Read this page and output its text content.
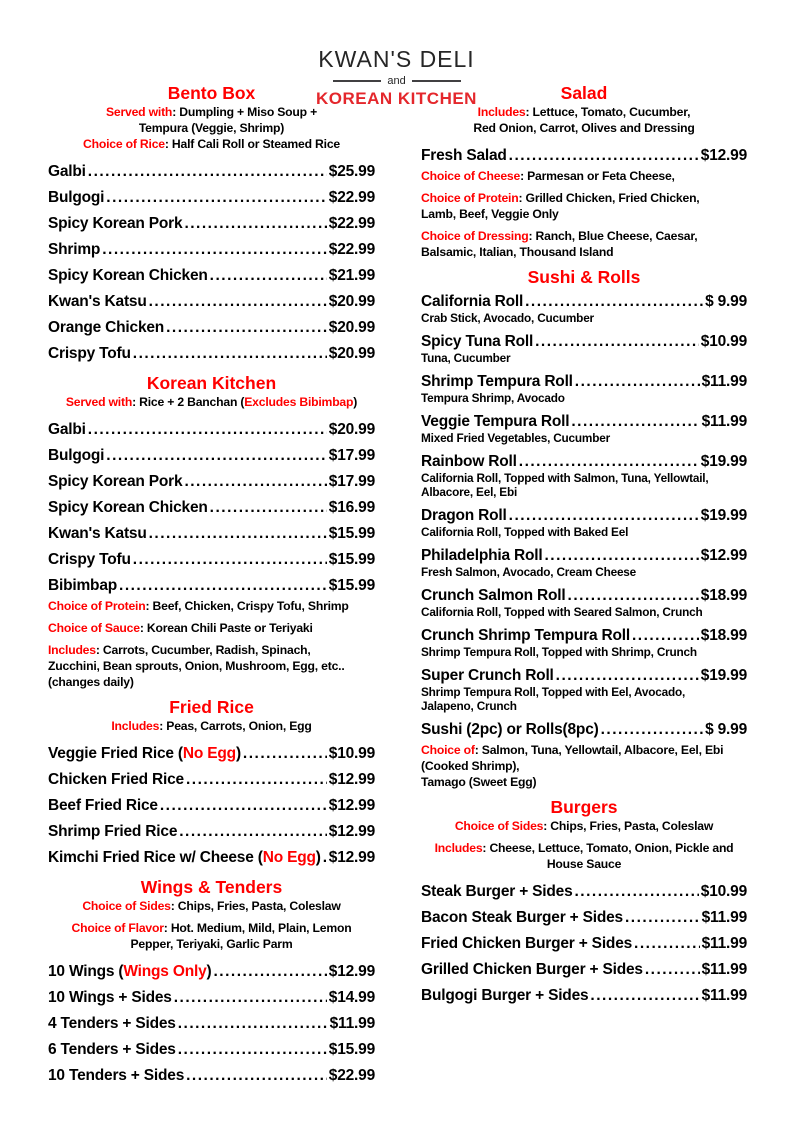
KWAN'S DELI
and
KOREAN KITCHEN
Bento Box
Served with: Dumpling + Miso Soup +
Tempura (Veggie, Shrimp)
Choice of Rice: Half Cali Roll or Steamed Rice
Galbi .....	$25.99
Bulgogi .....	$22.99
Spicy Korean Pork .....	$22.99
Shrimp .....	$22.99
Spicy Korean Chicken .....	$21.99
Kwan's Katsu .....	$20.99
Orange Chicken .....	$20.99
Crispy Tofu .....	$20.99
Korean Kitchen
Served with: Rice + 2 Banchan (Excludes Bibimbap)
Galbi .....	$20.99
Bulgogi .....	$17.99
Spicy Korean Pork .....	$17.99
Spicy Korean Chicken .....	$16.99
Kwan's Katsu .....	$15.99
Crispy Tofu .....	$15.99
Bibimbap .....	$15.99
Choice of Protein: Beef, Chicken, Crispy Tofu, Shrimp
Choice of Sauce: Korean Chili Paste or Teriyaki
Includes: Carrots, Cucumber, Radish, Spinach,
Zucchini, Bean sprouts, Onion, Mushroom, Egg, etc..
(changes daily)
Fried Rice
Includes: Peas, Carrots, Onion, Egg
Veggie Fried Rice (No Egg) .....	$10.99
Chicken Fried Rice .....	$12.99
Beef Fried Rice .....	$12.99
Shrimp Fried Rice .....	$12.99
Kimchi Fried Rice w/ Cheese (No Egg) ..... $12.99
Wings & Tenders
Choice of Sides: Chips, Fries, Pasta, Coleslaw
Choice of Flavor: Hot. Medium, Mild, Plain, Lemon
Pepper, Teriyaki, Garlic Parm
10 Wings (Wings Only) .....	$12.99
10 Wings + Sides .....	$14.99
4 Tenders + Sides .....	$11.99
6 Tenders + Sides .....	$15.99
10 Tenders + Sides .....	$22.99
Salad
Includes: Lettuce, Tomato, Cucumber,
Red Onion, Carrot, Olives and Dressing
Fresh Salad .....	$12.99
Choice of Cheese: Parmesan or Feta Cheese,
Choice of Protein: Grilled Chicken, Fried Chicken,
Lamb, Beef, Veggie Only
Choice of Dressing: Ranch, Blue Cheese, Caesar,
Balsamic, Italian, Thousand Island
Sushi & Rolls
California Roll .....	$ 9.99
Crab Stick, Avocado, Cucumber
Spicy Tuna Roll .....	$10.99
Tuna, Cucumber
Shrimp Tempura Roll .....	$11.99
Tempura Shrimp, Avocado
Veggie Tempura Roll .....	$11.99
Mixed Fried Vegetables, Cucumber
Rainbow Roll .....	$19.99
California Roll, Topped with Salmon, Tuna, Yellowtail,
Albacore, Eel, Ebi
Dragon Roll .....	$19.99
California Roll, Topped with Baked Eel
Philadelphia Roll .....	$12.99
Fresh Salmon, Avocado, Cream Cheese
Crunch Salmon Roll .....	$18.99
California Roll, Topped with Seared Salmon, Crunch
Crunch Shrimp Tempura Roll .....	$18.99
Shrimp Tempura Roll, Topped with Shrimp, Crunch
Super Crunch Roll .....	$19.99
Shrimp Tempura Roll, Topped with Eel, Avocado,
Jalapeno, Crunch
Sushi (2pc) or Rolls(8pc) .....	$ 9.99
Choice of: Salmon, Tuna, Yellowtail, Albacore, Eel, Ebi
(Cooked Shrimp),
Tamago (Sweet Egg)
Burgers
Choice of Sides: Chips, Fries, Pasta, Coleslaw
Includes: Cheese, Lettuce, Tomato, Onion, Pickle and
House Sauce
Steak Burger + Sides .....	$10.99
Bacon Steak Burger + Sides .....	$11.99
Fried Chicken Burger + Sides .....	$11.99
Grilled Chicken Burger + Sides .....	$11.99
Bulgogi Burger + Sides .....	$11.99
